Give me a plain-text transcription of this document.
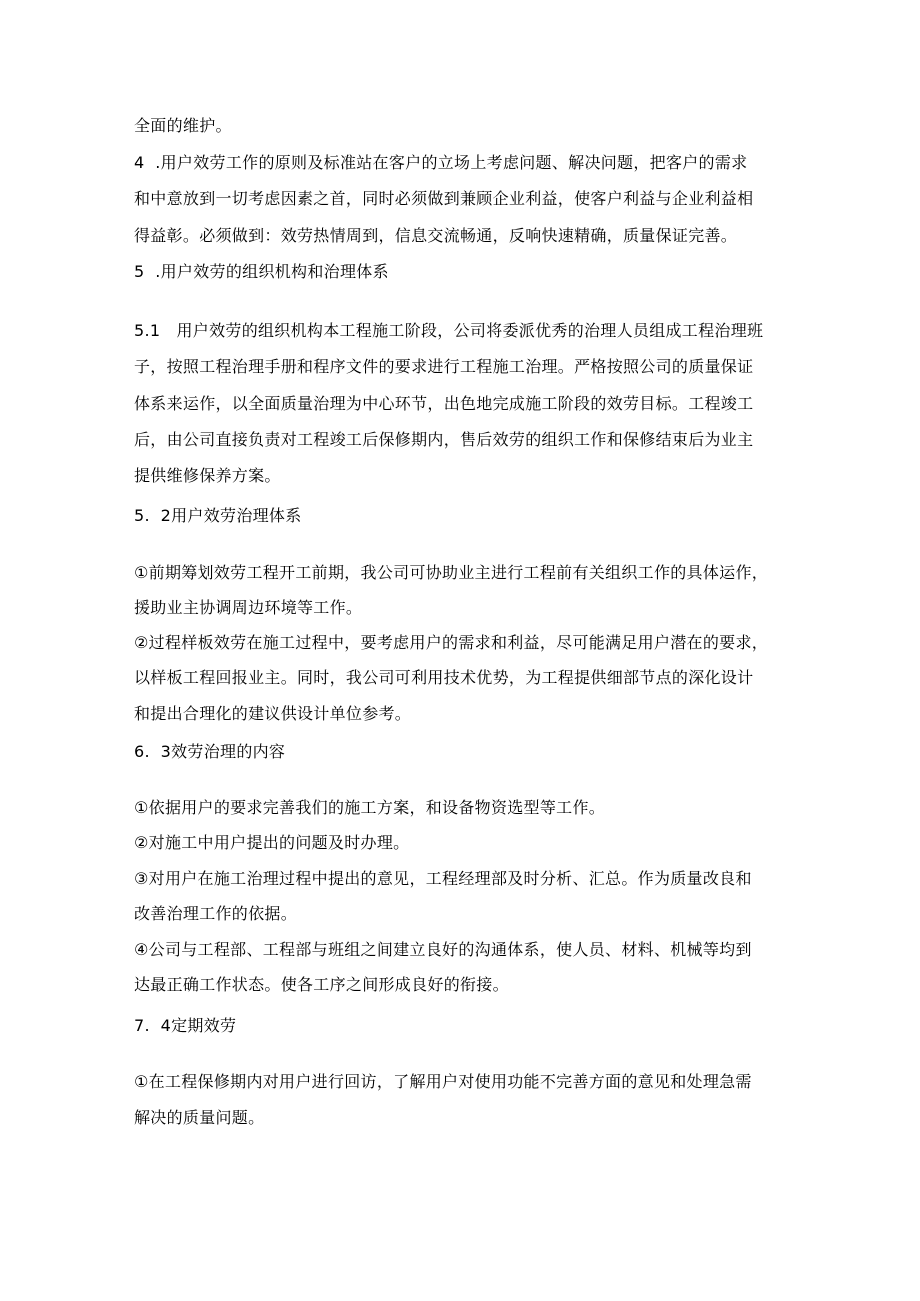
全面的维护。
4  .用户效劳工作的原则及标准站在客户的立场上考虑问题、解决问题，把客户的需求
和中意放到一切考虑因素之首，同时必须做到兼顾企业利益，使客户利益与企业利益相
得益彰。必须做到：效劳热情周到，信息交流畅通，反响快速精确，质量保证完善。
5  .用户效劳的组织机构和治理体系
5.1   用户效劳的组织机构本工程施工阶段，公司将委派优秀的治理人员组成工程治理班
子，按照工程治理手册和程序文件的要求进行工程施工治理。严格按照公司的质量保证
体系来运作，以全面质量治理为中心环节，出色地完成施工阶段的效劳目标。工程竣工
后，由公司直接负责对工程竣工后保修期内，售后效劳的组织工作和保修结束后为业主
提供维修保养方案。
5.  2用户效劳治理体系
①前期筹划效劳工程开工前期，我公司可协助业主进行工程前有关组织工作的具体运作，
援助业主协调周边环境等工作。
②过程样板效劳在施工过程中，要考虑用户的需求和利益，尽可能满足用户潜在的要求，
以样板工程回报业主。同时，我公司可利用技术优势，为工程提供细部节点的深化设计
和提出合理化的建议供设计单位参考。
6.  3效劳治理的内容
①依据用户的要求完善我们的施工方案，和设备物资选型等工作。
②对施工中用户提出的问题及时办理。
③对用户在施工治理过程中提出的意见，工程经理部及时分析、汇总。作为质量改良和
改善治理工作的依据。
④公司与工程部、工程部与班组之间建立良好的沟通体系，使人员、材料、机械等均到
达最正确工作状态。使各工序之间形成良好的衔接。
7.  4定期效劳
①在工程保修期内对用户进行回访，了解用户对使用功能不完善方面的意见和处理急需
解决的质量问题。
